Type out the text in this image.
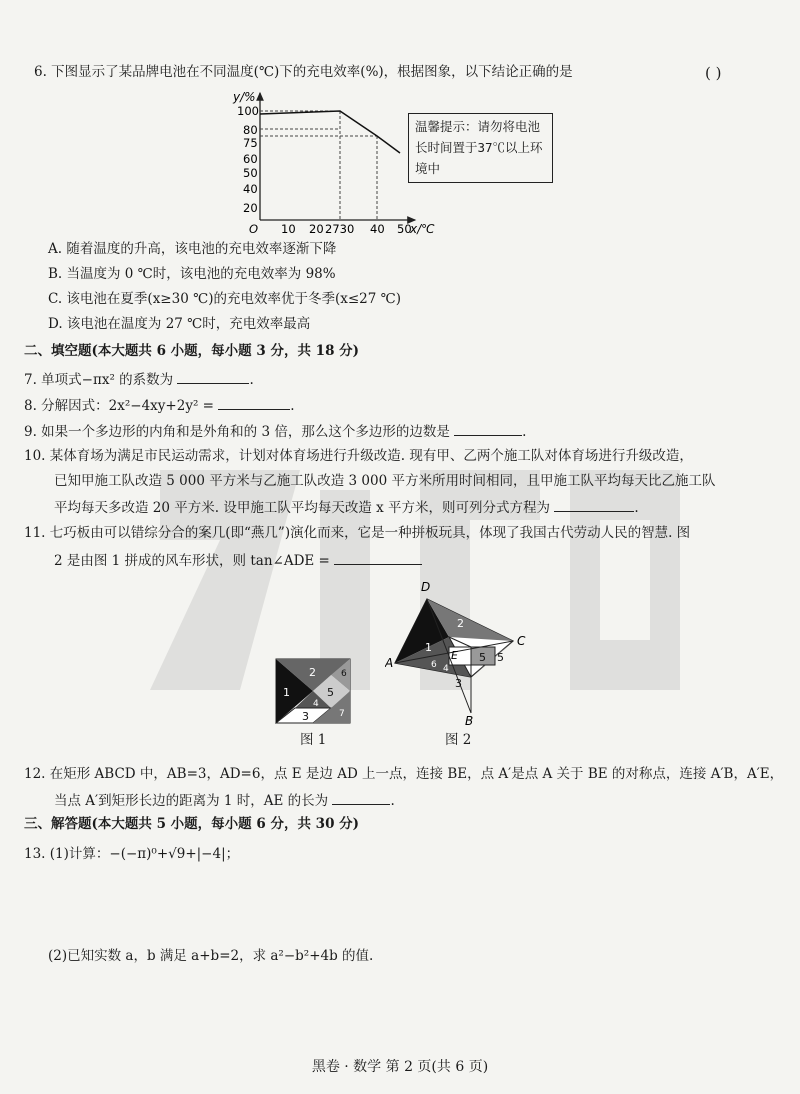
6. 下图显示了某品牌电池在不同温度(℃)下的充电效率(%)，根据图象，以下结论正确的是	( )
y/%
100
80
75
60
50
40
20
O 10 20 2730 40 50
x/℃
温馨提示：请勿将电池长时间置于37℃以上环境中
A. 随着温度的升高，该电池的充电效率逐渐下降
B. 当温度为 0 ℃时，该电池的充电效率为 98%
C. 该电池在夏季(x≥30 ℃)的充电效率优于冬季(x≤27 ℃)
D. 该电池在温度为 27 ℃时，充电效率最高
二、填空题(本大题共 6 小题，每小题 3 分，共 18 分)
7. 单项式−πx² 的系数为	.
8. 分解因式：2x²−4xy+2y² =	.
9. 如果一个多边形的内角和是外角和的 3 倍，那么这个多边形的边数是	.
10. 某体育场为满足市民运动需求，计划对体育场进行升级改造. 现有甲、乙两个施工队对体育场进行升级改造，
已知甲施工队改造 5 000 平方米与乙施工队改造 3 000 平方米所用时间相同，且甲施工队平均每天比乙施工队
平均每天多改造 20 平方米. 设甲施工队平均每天改造 x 平方米，则可列分式方程为	.
11. 七巧板由可以错综分合的案几(即“燕几”)演化而来，它是一种拼板玩具，体现了我国古代劳动人民的智慧. 图
2 是由图 1 拼成的风车形状，则 tan∠ADE =
1
2
3
4
5
6
7
图 1
D
A
E
C
B
1
2
3
4
5 5
6
图 2
12. 在矩形 ABCD 中，AB=3，AD=6，点 E 是边 AD 上一点，连接 BE，点 A′是点 A 关于 BE 的对称点，连接 A′B，A′E，
当点 A′到矩形长边的距离为 1 时，AE 的长为	.
三、解答题(本大题共 5 小题，每小题 6 分，共 30 分)
13. (1)计算：−(−π)⁰+√9+|−4|；
(2)已知实数 a，b 满足 a+b=2，求 a²−b²+4b 的值.
黑卷 · 数学 第 2 页(共 6 页)
